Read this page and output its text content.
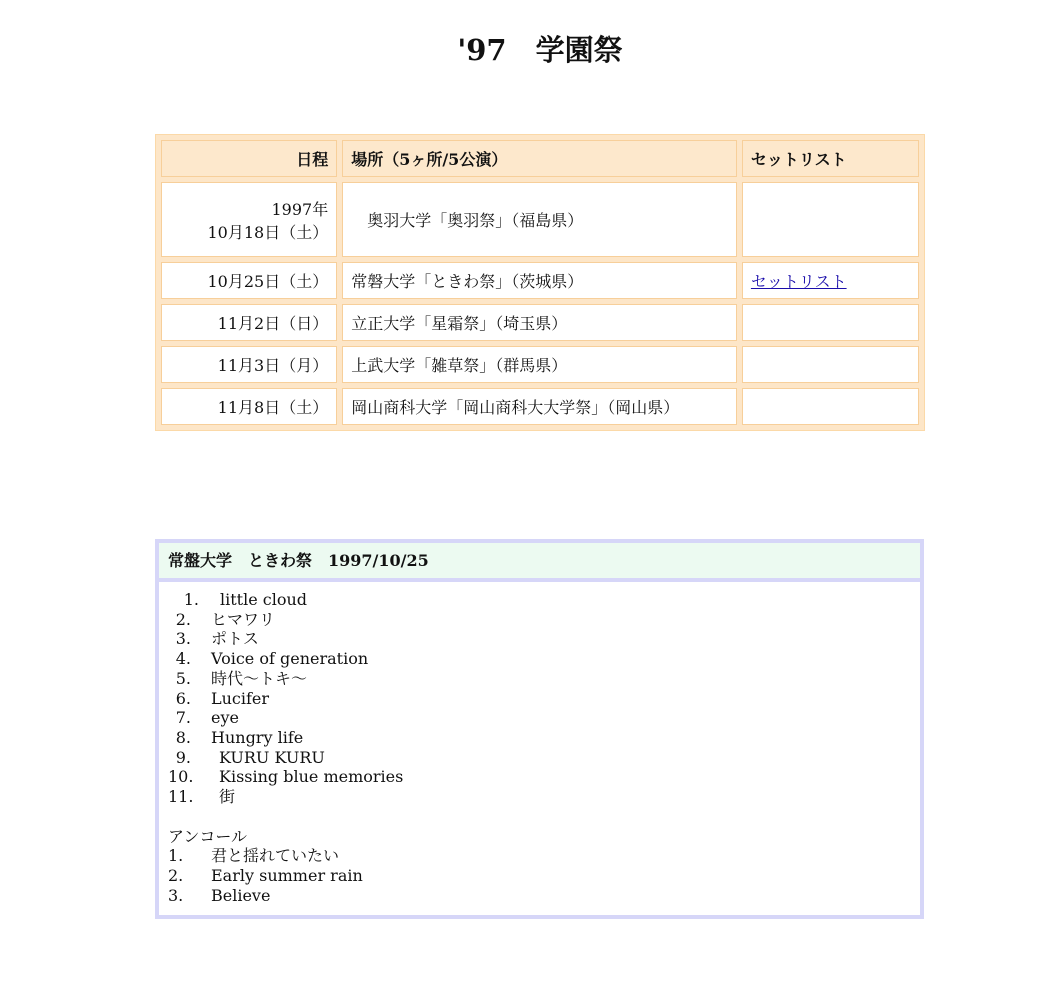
'97　学園祭
日程	場所（5ヶ所/5公演）	セットリスト
1997年
10月18日（土）	奥羽大学「奥羽祭」（福島県）	
10月25日（土）	常磐大学「ときわ祭」（茨城県）	セットリスト
11月2日（日）	立正大学「星霜祭」（埼玉県）	
11月3日（月）	上武大学「雑草祭」（群馬県）	
11月8日（土）	岡山商科大学「岡山商科大大学祭」（岡山県）	
常盤大学　ときわ祭　1997/10/25
1. little cloud
2. ヒマワリ
3. ポトス
4. Voice of generation
5. 時代〜トキ〜
6. Lucifer
7. eye
8. Hungry life
9. KURU KURU
10. Kissing blue memories
11. 街
アンコール
1.	君と揺れていたい
2.	Early summer rain
3.	Believe
